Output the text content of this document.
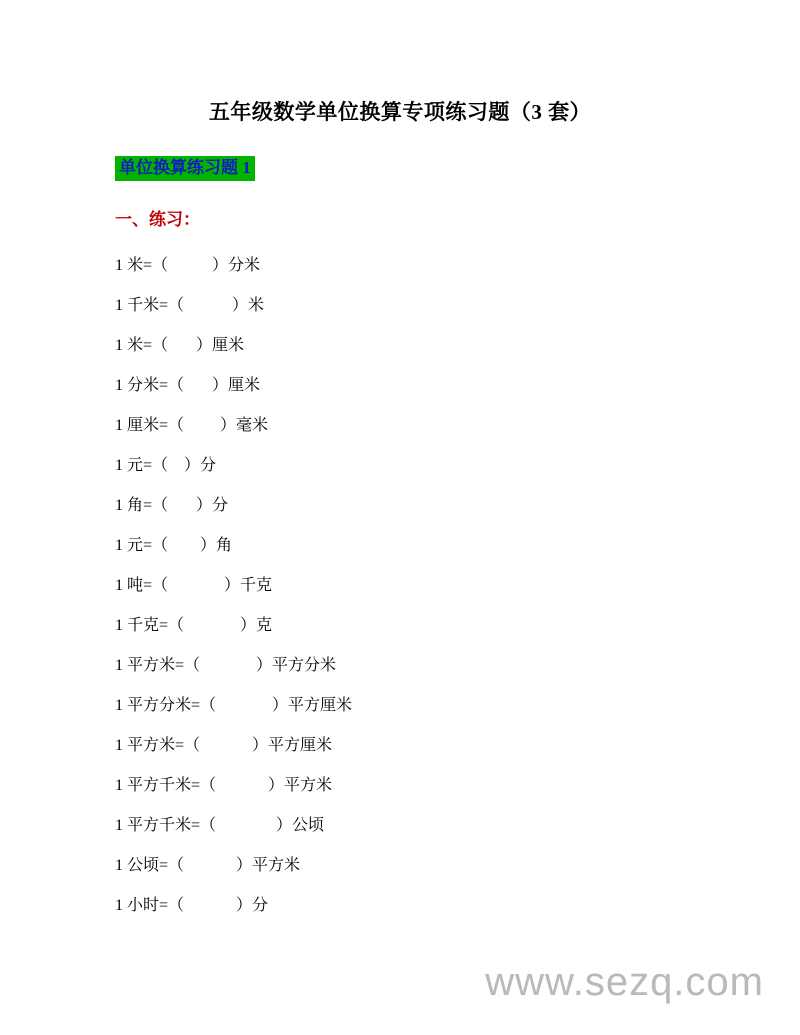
五年级数学单位换算专项练习题（3 套）
单位换算练习题 1
一、练习：
1 米=（           ）分米
1 千米=（            ）米
1 米=（       ）厘米
1 分米=（       ）厘米
1 厘米=（         ）毫米
1 元=（    ）分
1 角=（       ）分
1 元=（        ）角
1 吨=（              ）千克
1 千克=（              ）克
1 平方米=（              ）平方分米
1 平方分米=（              ）平方厘米
1 平方米=（             ）平方厘米
1 平方千米=（             ）平方米
1 平方千米=（               ）公顷
1 公顷=（             ）平方米
1 小时=（             ）分
www.sezq.com
